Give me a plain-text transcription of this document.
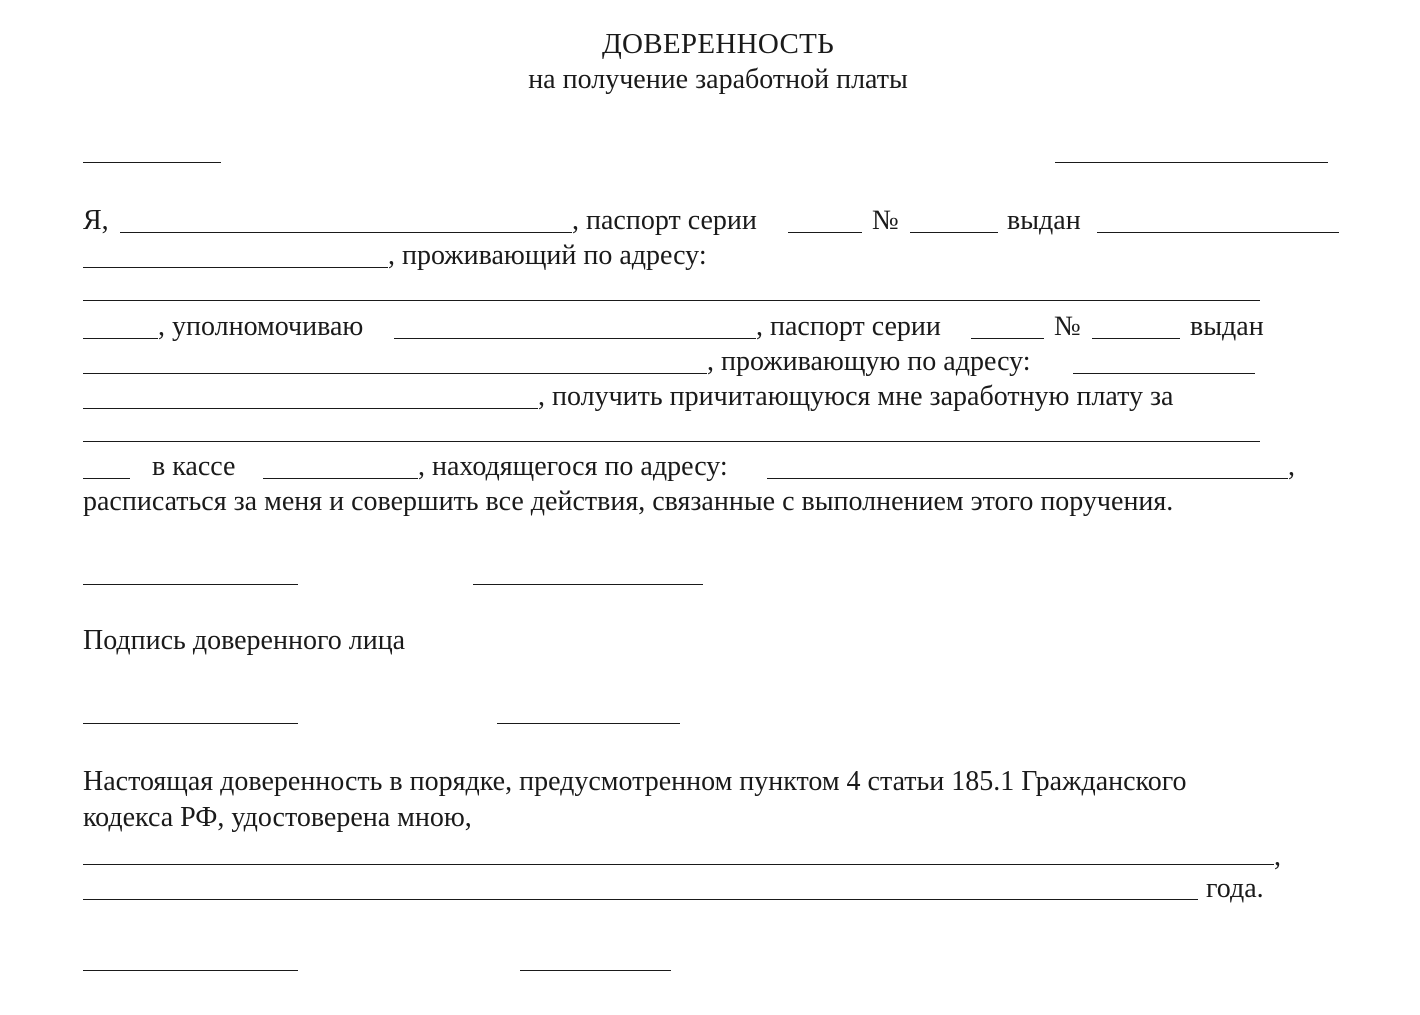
ДОВЕРЕННОСТЬ
на получение заработной платы
Я,	, паспорт серии	№	выдан
, проживающий по адресу:
, уполномочиваю	, паспорт серии	№	выдан
, проживающую по адресу:
, получить причитающуюся мне заработную плату за
в кассе	, находящегося по адресу:	,
расписаться за меня и совершить все действия, связанные с выполнением этого поручения.
Подпись доверенного лица
Настоящая доверенность в порядке, предусмотренном пунктом 4 статьи 185.1 Гражданского
кодекса РФ, удостоверена мною,
,
года.
